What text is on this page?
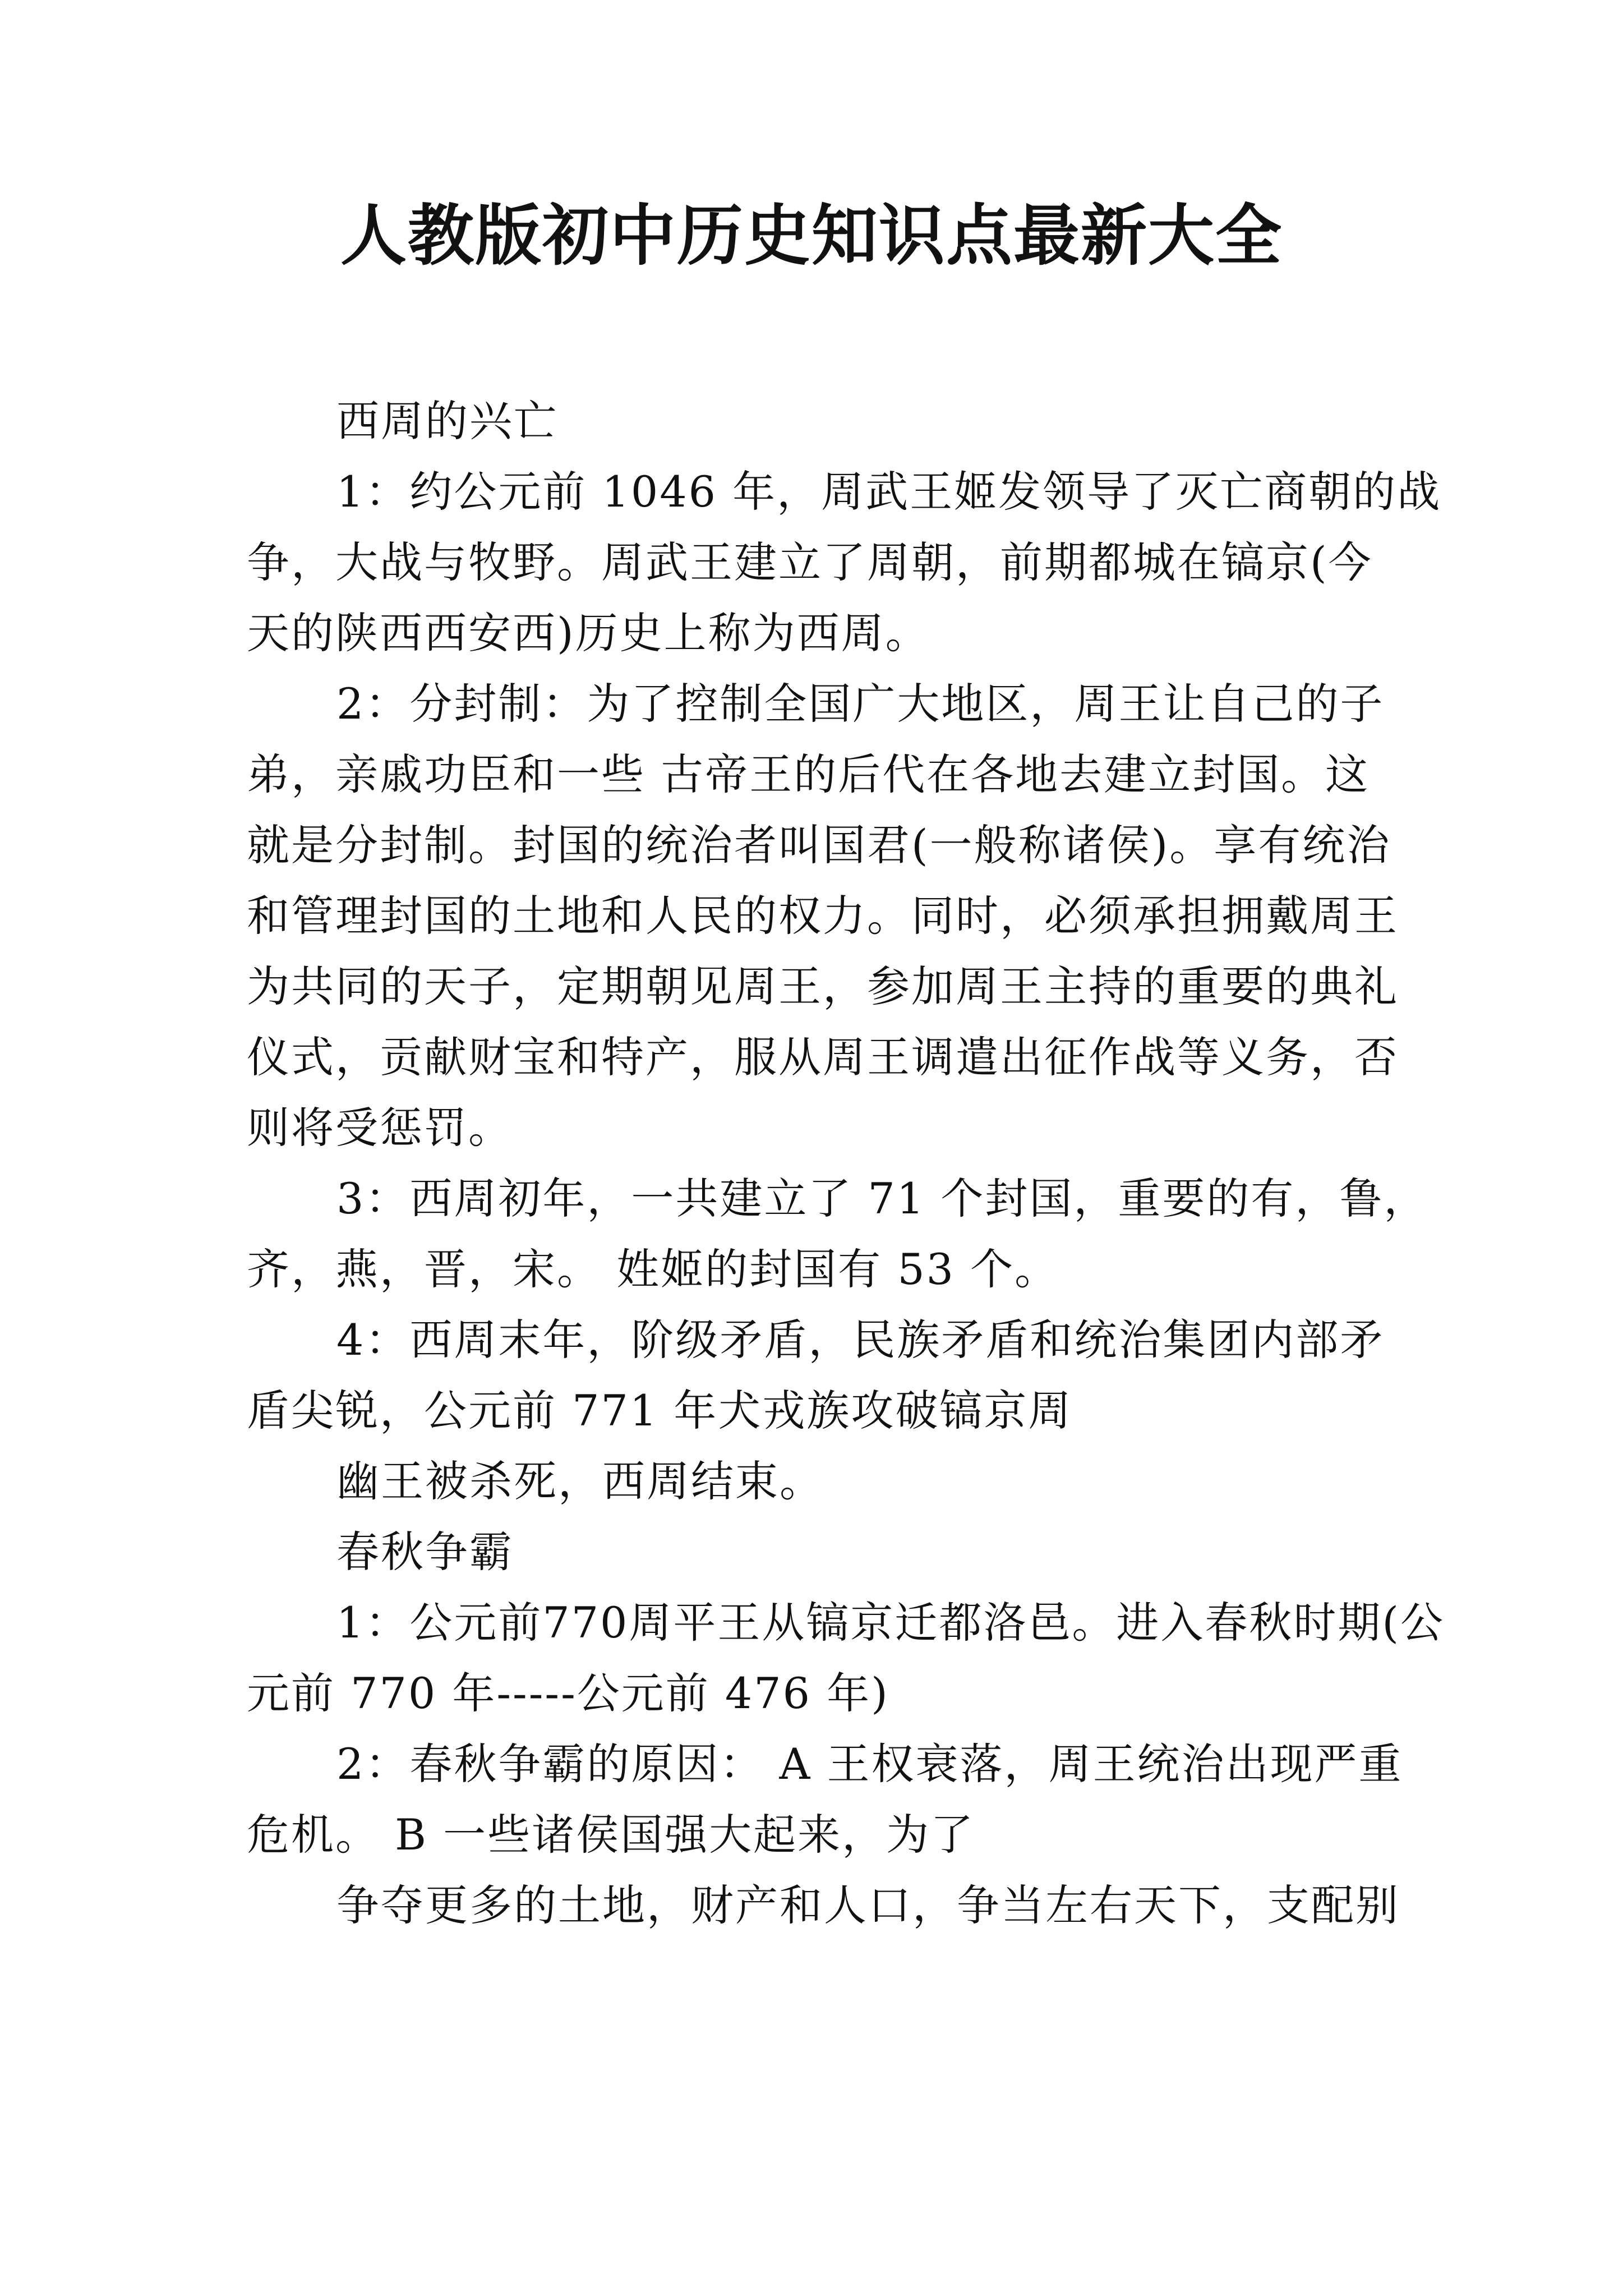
人教版初中历史知识点最新大全
西周的兴亡
1：约公元前 1046 年，周武王姬发领导了灭亡商朝的战
争，大战与牧野。周武王建立了周朝，前期都城在镐京(今
天的陕西西安西)历史上称为西周。
2：分封制：为了控制全国广大地区，周王让自己的子
弟，亲戚功臣和一些 古帝王的后代在各地去建立封国。这
就是分封制。封国的统治者叫国君(一般称诸侯)。享有统治
和管理封国的土地和人民的权力。同时，必须承担拥戴周王
为共同的天子，定期朝见周王，参加周王主持的重要的典礼
仪式，贡献财宝和特产，服从周王调遣出征作战等义务，否
则将受惩罚。
3：西周初年，一共建立了 71 个封国，重要的有，鲁，
齐，燕，晋，宋。 姓姬的封国有 53 个。
4：西周末年，阶级矛盾，民族矛盾和统治集团内部矛
盾尖锐，公元前 771 年犬戎族攻破镐京周
幽王被杀死，西周结束。
春秋争霸
1：公元前770周平王从镐京迁都洛邑。进入春秋时期(公
元前 770 年-----公元前 476 年)
2：春秋争霸的原因： A 王权衰落，周王统治出现严重
危机。 B 一些诸侯国强大起来，为了
争夺更多的土地，财产和人口，争当左右天下，支配别
